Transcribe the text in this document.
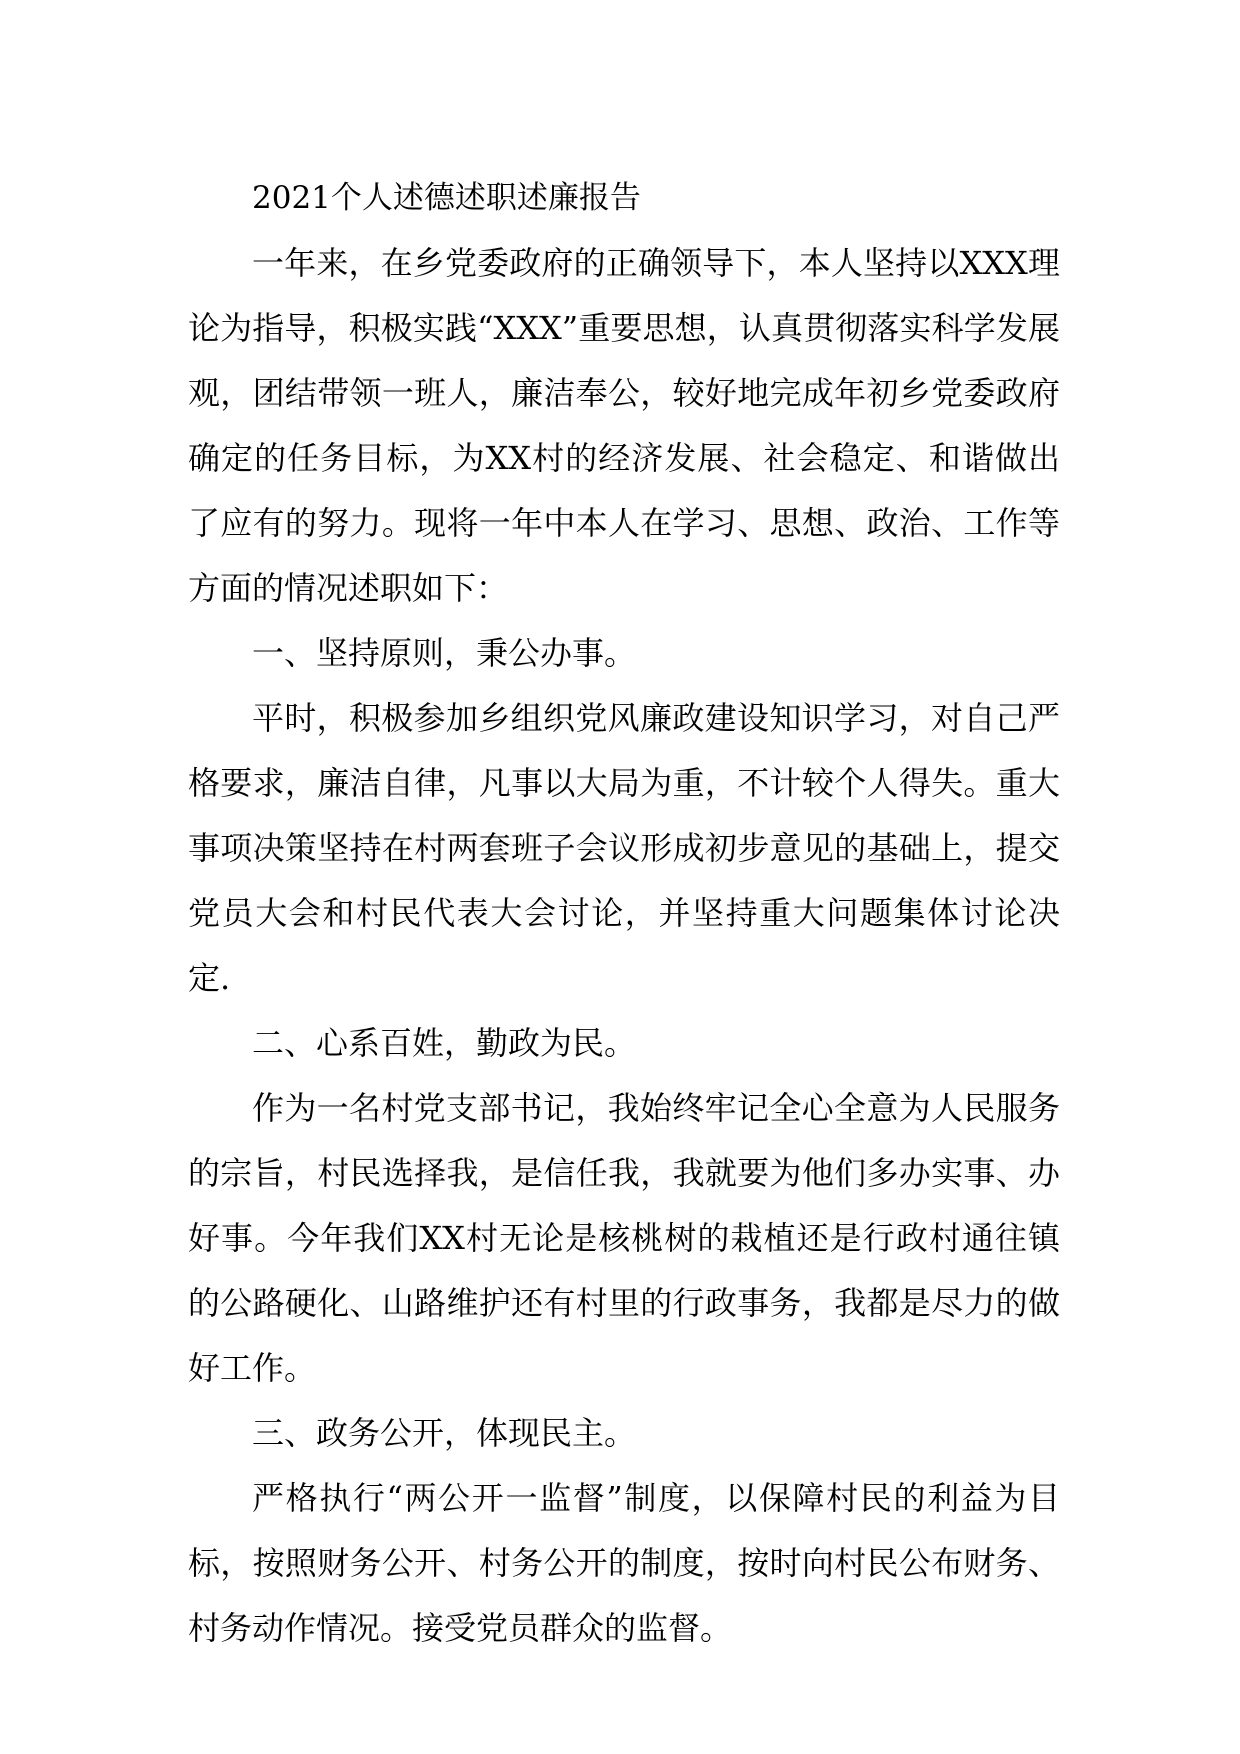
2021个人述德述职述廉报告

一年来，在乡党委政府的正确领导下，本人坚持以XXX理论为指导，积极实践“XXX”重要思想，认真贯彻落实科学发展观，团结带领一班人，廉洁奉公，较好地完成年初乡党委政府确定的任务目标，为XX村的经济发展、社会稳定、和谐做出了应有的努力。现将一年中本人在学习、思想、政治、工作等方面的情况述职如下：

一、坚持原则，秉公办事。

平时，积极参加乡组织党风廉政建设知识学习，对自己严格要求，廉洁自律，凡事以大局为重，不计较个人得失。重大事项决策坚持在村两套班子会议形成初步意见的基础上，提交党员大会和村民代表大会讨论，并坚持重大问题集体讨论决定.

二、心系百姓，勤政为民。

作为一名村党支部书记，我始终牢记全心全意为人民服务的宗旨，村民选择我，是信任我，我就要为他们多办实事、办好事。今年我们XX村无论是核桃树的栽植还是行政村通往镇的公路硬化、山路维护还有村里的行政事务，我都是尽力的做好工作。

三、政务公开，体现民主。

严格执行“两公开一监督”制度，以保障村民的利益为目标，按照财务公开、村务公开的制度，按时向村民公布财务、村务动作情况。接受党员群众的监督。
